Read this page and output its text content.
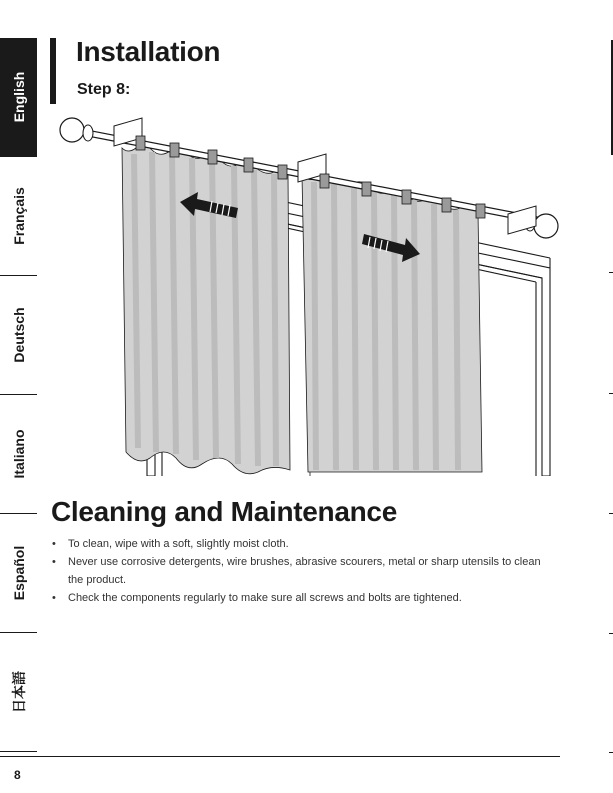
English
Français
Deutsch
Italiano
Español
日本語
Installation
Step 8:
Cleaning and Maintenance
• To clean, wipe with a soft, slightly moist cloth.
• Never use corrosive detergents, wire brushes, abrasive scourers, metal or sharp utensils to clean the product.
• Check the components regularly to make sure all screws and bolts are tightened.
8
